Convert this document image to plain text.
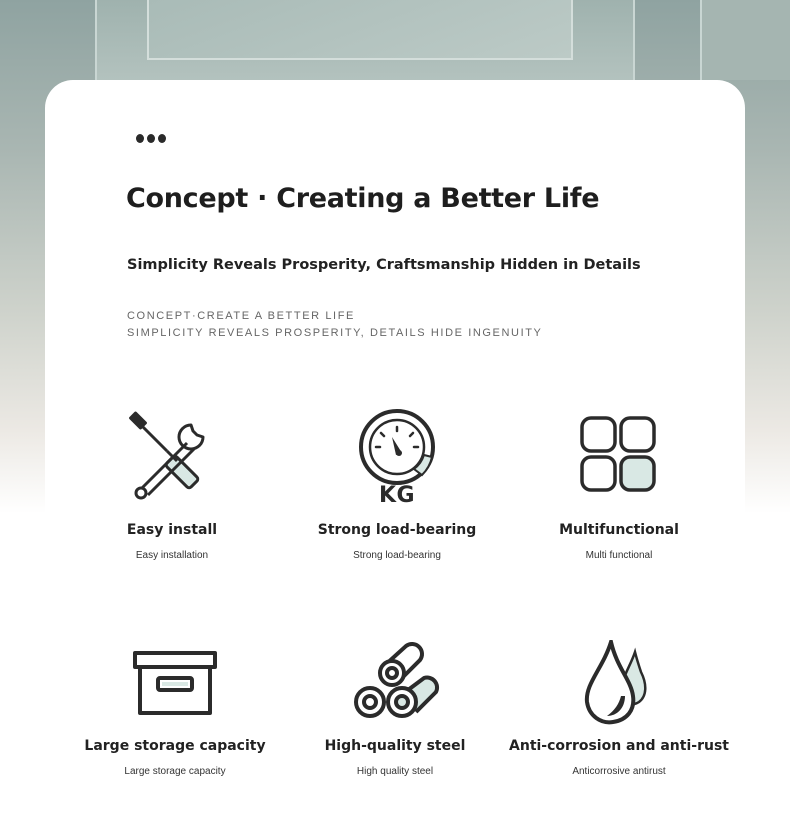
Concept · Creating a Better Life
Simplicity Reveals Prosperity, Craftsmanship Hidden in Details
CONCEPT·CREATE A BETTER LIFE
SIMPLICITY REVEALS PROSPERITY, DETAILS HIDE INGENUITY
Easy install
Easy installation
KG
Strong load-bearing
Strong load-bearing
Multifunctional
Multi functional
Large storage capacity
Large storage capacity
High-quality steel
High quality steel
Anti-corrosion and anti-rust
Anticorrosive antirust
